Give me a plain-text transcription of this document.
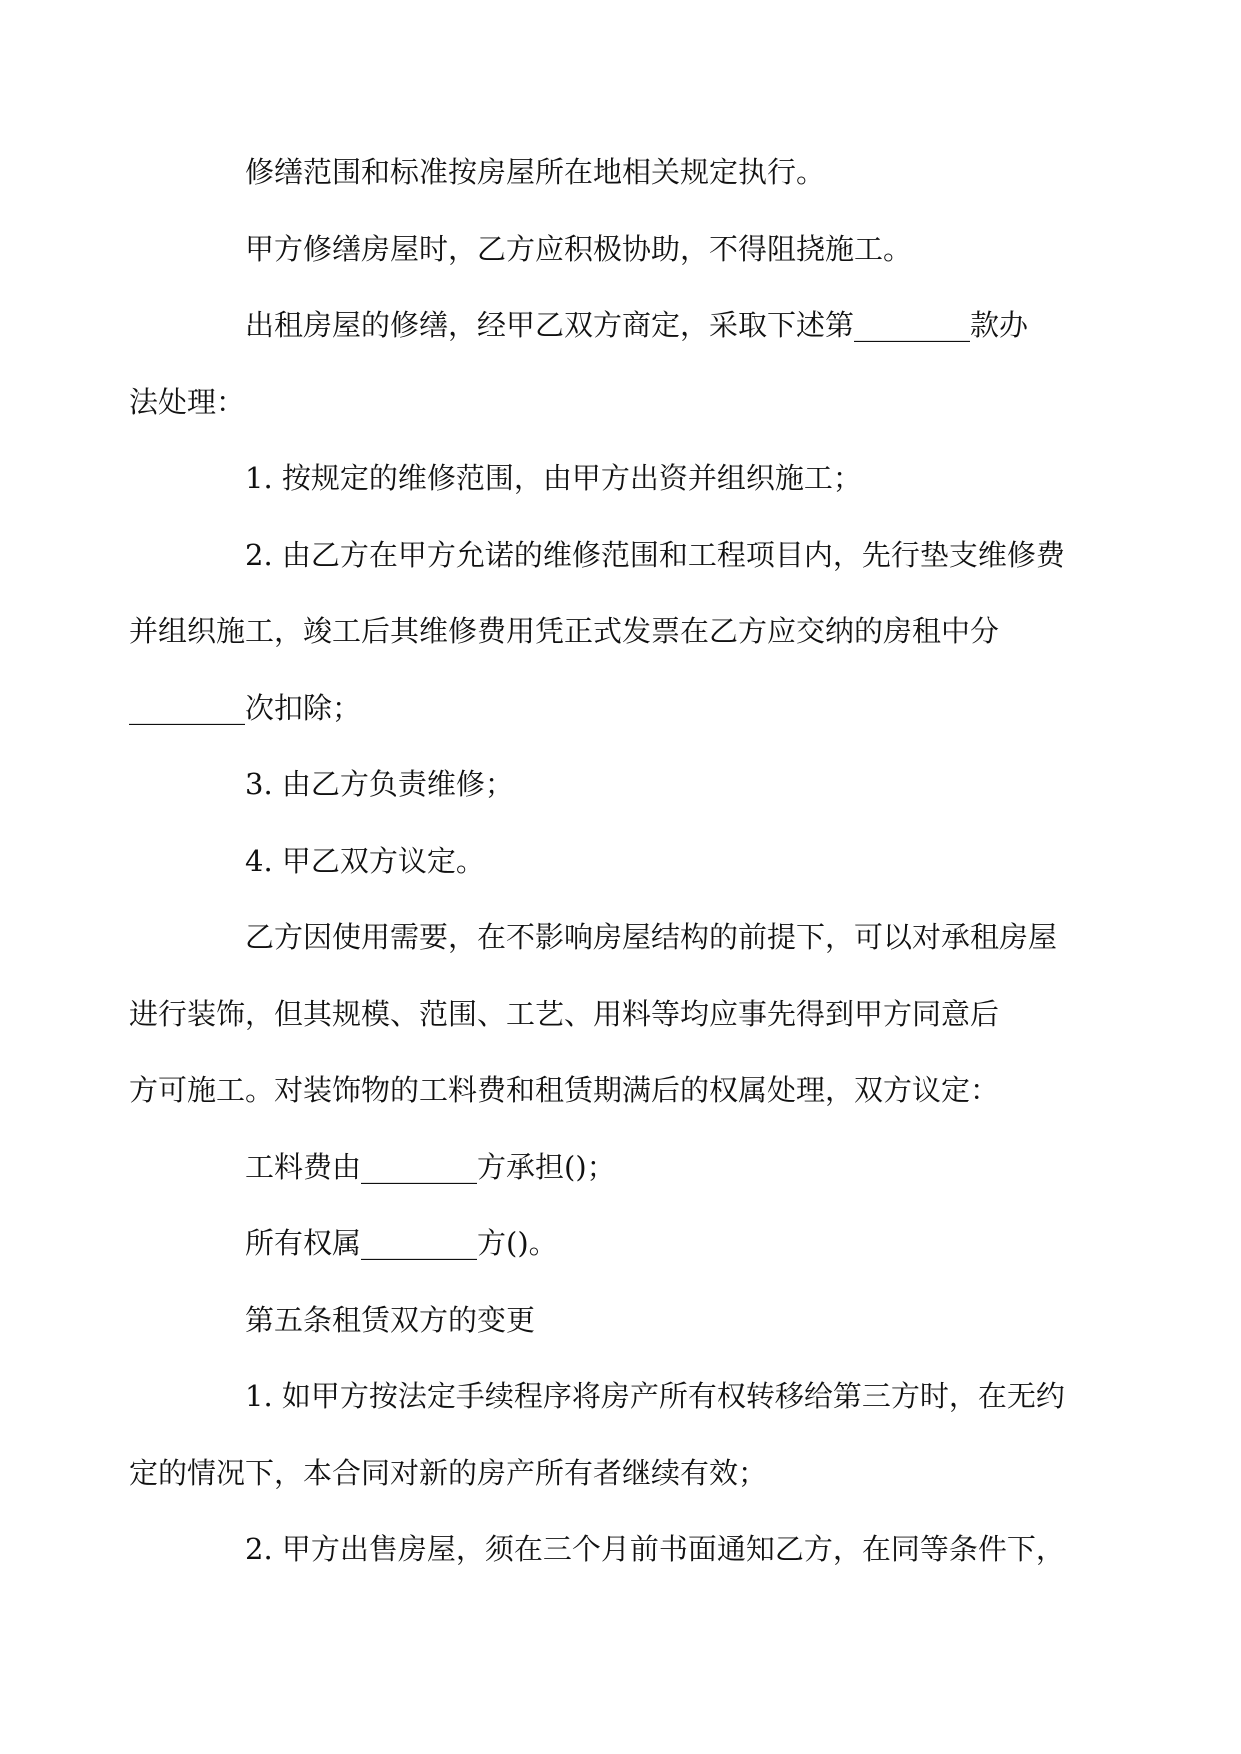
修缮范围和标准按房屋所在地相关规定执行。

甲方修缮房屋时，乙方应积极协助，不得阻挠施工。

出租房屋的修缮，经甲乙双方商定，采取下述第________款办
法处理：

1. 按规定的维修范围，由甲方出资并组织施工；

2. 由乙方在甲方允诺的维修范围和工程项目内，先行垫支维修费
并组织施工，竣工后其维修费用凭正式发票在乙方应交纳的房租中分
________次扣除；

3. 由乙方负责维修；

4. 甲乙双方议定。

乙方因使用需要，在不影响房屋结构的前提下，可以对承租房屋
进行装饰，但其规模、范围、工艺、用料等均应事先得到甲方同意后
方可施工。对装饰物的工料费和租赁期满后的权属处理，双方议定：

工料费由________方承担()；

所有权属________方()。

第五条租赁双方的变更

1. 如甲方按法定手续程序将房产所有权转移给第三方时，在无约
定的情况下，本合同对新的房产所有者继续有效；

2. 甲方出售房屋，须在三个月前书面通知乙方，在同等条件下，
